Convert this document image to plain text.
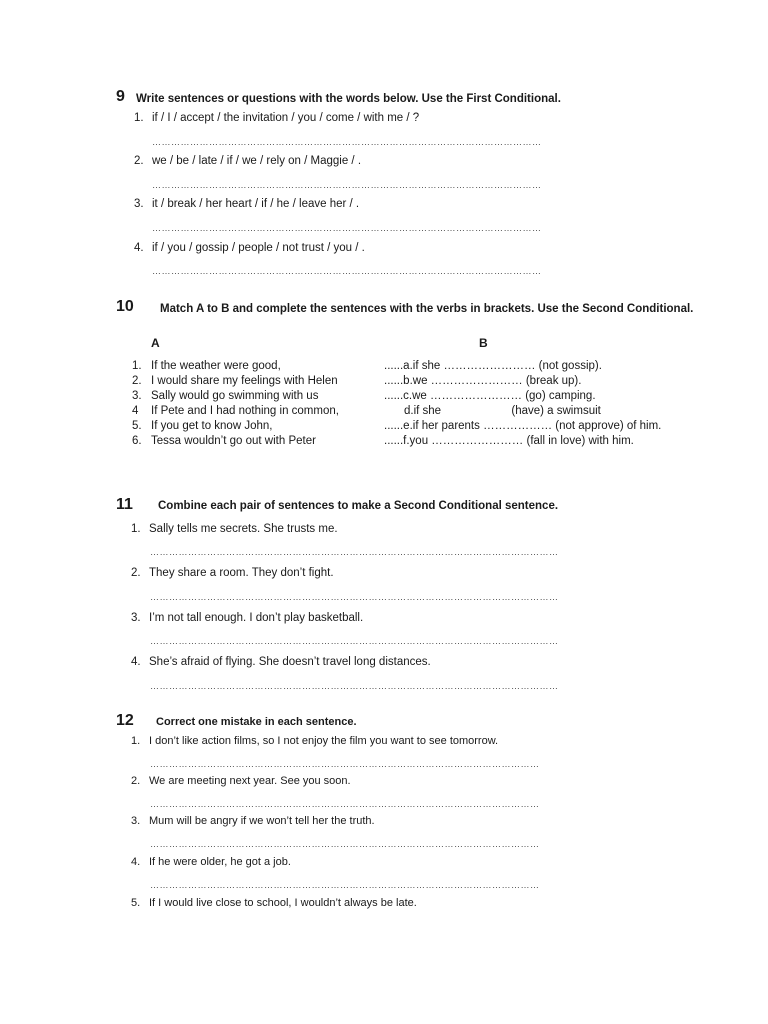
9 Write sentences or questions with the words below. Use the First Conditional.
1. if / I / accept / the invitation / you / come / with me / ?
……………………………………………………………………………………………………………
2. we / be / late / if / we / rely on / Maggie / .
……………………………………………………………………………………………………………
3. it / break / her heart / if / he / leave her / .
……………………………………………………………………………………………………………
4. if / you / gossip / people / not trust / you / .
……………………………………………………………………………………………………………
10 Match A to B and complete the sentences with the verbs in brackets. Use the Second Conditional.
A	B
1. If the weather were good,
2. I would share my feelings with Helen
3. Sally would go swimming with us
4 If Pete and I had nothing in common,
5. If you get to know John,
6. Tessa wouldn’t go out with Peter
......a.if she …………………… (not gossip).
......b.we …………………… (break up).
......c.we …………………… (go) camping.
d.if she                      (have) a swimsuit
......e.if her parents ……………… (not approve) of him.
......f.you …………………… (fall in love) with him.
11 Combine each pair of sentences to make a Second Conditional sentence.
1. Sally tells me secrets. She trusts me.
…………………………………………………………………………………………………………………
2. They share a room. They don’t fight.
…………………………………………………………………………………………………………………
3. I’m not tall enough. I don’t play basketball.
…………………………………………………………………………………………………………………
4. She’s afraid of flying. She doesn’t travel long distances.
…………………………………………………………………………………………………………………
12 Correct one mistake in each sentence.
1. I don’t like action films, so I not enjoy the film you want to see tomorrow.
……………………………………………………………………………………………………………
2. We are meeting next year. See you soon.
……………………………………………………………………………………………………………
3. Mum will be angry if we won’t tell her the truth.
……………………………………………………………………………………………………………
4. If he were older, he got a job.
……………………………………………………………………………………………………………
5. If I would live close to school, I wouldn’t always be late.
